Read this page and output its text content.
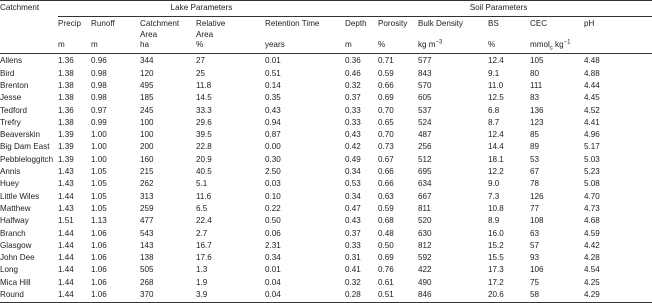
Catchment	Lake Parameters					Soil Parameters					
	Precip	Runoff	Catchment Area	Relative Area	Retention Time	Depth	Porosity	Bulk Density	BS	CEC	pH
	m	m	ha	%	years	m	%	kg $m^{-3}$	%	mmol$_c$ $kg^{-1}$	
Allens	1.36	0.96	344	27	0.01	0.36	0.71	577	12.4	105	4.48
Bird	1.38	0.98	120	25	0.51	0.46	0.59	843	9.1	80	4.88
Brenton	1.38	0.98	495	11.8	0.14	0.32	0.66	570	11.0	111	4.44
Jesse	1.38	0.98	185	14.5	0.35	0.37	0.69	605	12.5	83	4.45
Tedford	1.36	0.97	245	33.3	0.43	0.33	0.70	537	6.8	136	4.52
Trefry	1.38	0.99	100	29.6	0.94	0.33	0.65	524	8.7	123	4.41
Beaverskin	1.39	1.00	100	39.5	0.87	0.43	0.70	487	12.4	85	4.96
Big Dam East	1.39	1.00	200	22.8	0.00	0.42	0.73	256	14.4	89	5.17
Pebbleloggitch	1.39	1.00	160	20.9	0.30	0.49	0.67	512	18.1	53	5.03
Annis	1.43	1.05	215	40.5	2.50	0.34	0.66	695	12.2	67	5.23
Huey	1.43	1.05	262	5.1	0.03	0.53	0.66	634	9.0	78	5.08
Little Wiles	1.44	1.05	313	11.6	0.10	0.34	0.63	667	7.3	126	4.70
Matthew	1.43	1.05	259	6.5	0.22	0.47	0.59	811	10.8	77	4.73
Halfway	1.51	1.13	477	22.4	0.50	0.43	0.68	520	8.9	108	4.68
Branch	1.44	1.06	543	2.7	0.06	0.37	0.48	630	16.0	63	4.59
Glasgow	1.44	1.06	143	16.7	2.31	0.33	0.50	812	15.2	57	4.42
John Dee	1.44	1.06	138	17.6	0.34	0.31	0.69	592	15.5	93	4.28
Long	1.44	1.06	505	1.3	0.01	0.41	0.76	422	17.3	106	4.54
Mica Hill	1.44	1.06	268	1.9	0.04	0.32	0.61	490	17.2	75	4.25
Round	1.44	1.06	370	3.9	0.04	0.28	0.51	846	20.6	58	4.29
